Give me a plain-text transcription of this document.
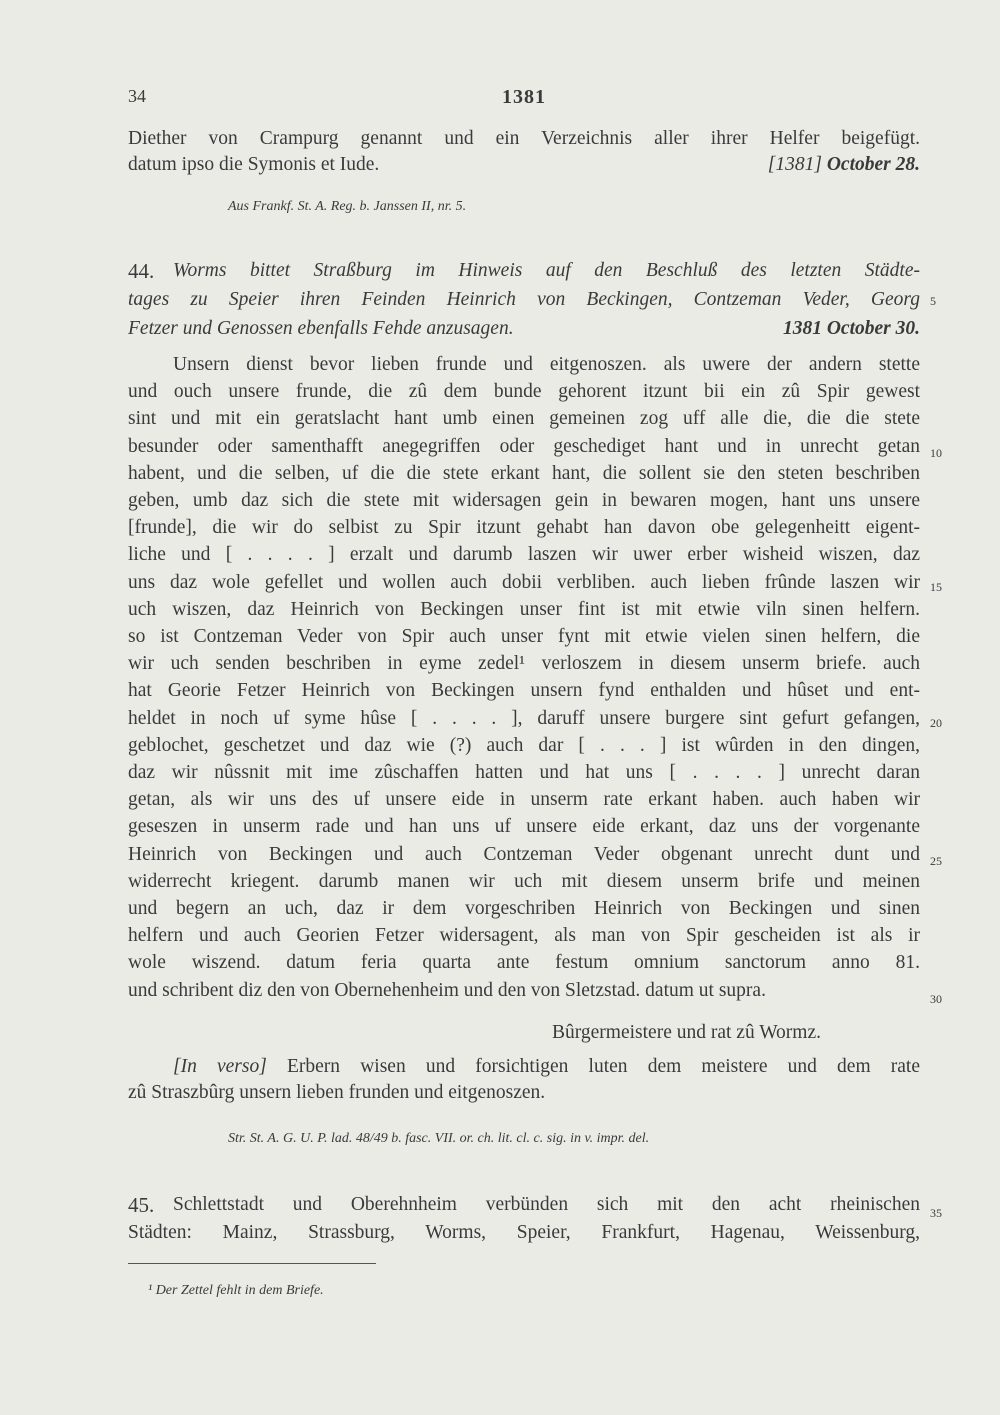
34	1381
Diether von Crampurg genannt und ein Verzeichnis aller ihrer Helfer beigefügt.
datum ipso die Symonis et Iude.	[1381] October 28.
Aus Frankf. St. A. Reg. b. Janssen II, nr. 5.
44. Worms bittet Straßburg im Hinweis auf den Beschluß des letzten Städte-
tages zu Speier ihren Feinden Heinrich von Beckingen, Contzeman Veder, Georg
Fetzer und Genossen ebenfalls Fehde anzusagen.	1381 October 30.
Unsern dienst bevor lieben frunde und eitgenoszen. als uwere der andern stette
und ouch unsere frunde, die zû dem bunde gehorent itzunt bii ein zû Spir gewest
sint und mit ein geratslacht hant umb einen gemeinen zog uff alle die, die die stete
besunder oder samenthafft anegegriffen oder geschediget hant und in unrecht getan
habent, und die selben, uf die die stete erkant hant, die sollent sie den steten beschriben
geben, umb daz sich die stete mit widersagen gein in bewaren mogen, hant uns unsere
[frunde], die wir do selbist zu Spir itzunt gehabt han davon obe gelegenheitt eigent-
liche und [ . . . . ] erzalt und darumb laszen wir uwer erber wisheid wiszen, daz
uns daz wole gefellet und wollen auch dobii verbliben. auch lieben frûnde laszen wir
uch wiszen, daz Heinrich von Beckingen unser fint ist mit etwie viln sinen helfern.
so ist Contzeman Veder von Spir auch unser fynt mit etwie vielen sinen helfern, die
wir uch senden beschriben in eyme zedel¹ verloszem in diesem unserm briefe. auch
hat Georie Fetzer Heinrich von Beckingen unsern fynd enthalden und hûset und ent-
heldet in noch uf syme hûse [ . . . . ], daruff unsere burgere sint gefurt gefangen,
geblochet, geschetzet und daz wie (?) auch dar [ . . . ] ist wûrden in den dingen,
daz wir nûssnit mit ime zûschaffen hatten und hat uns [ . . . . ] unrecht daran
getan, als wir uns des uf unsere eide in unserm rate erkant haben. auch haben wir
geseszen in unserm rade und han uns uf unsere eide erkant, daz uns der vorgenante
Heinrich von Beckingen und auch Contzeman Veder obgenant unrecht dunt und
widerrecht kriegent. darumb manen wir uch mit diesem unserm brife und meinen
und begern an uch, daz ir dem vorgeschriben Heinrich von Beckingen und sinen
helfern und auch Georien Fetzer widersagent, als man von Spir gescheiden ist als ir
wole wiszend. datum feria quarta ante festum omnium sanctorum anno 81.
und schribent diz den von Obernehenheim und den von Sletzstad. datum ut supra.
Bûrgermeistere und rat zû Wormz.
[In verso] Erbern wisen und forsichtigen luten dem meistere und dem rate
zû Straszbûrg unsern lieben frunden und eitgenoszen.
Str. St. A. G. U. P. lad. 48/49 b. fasc. VII. or. ch. lit. cl. c. sig. in v. impr. del.
45. Schlettstadt und Oberehnheim verbünden sich mit den acht rheinischen
Städten: Mainz, Strassburg, Worms, Speier, Frankfurt, Hagenau, Weissenburg,
5
10
15
20
25
30
35
¹ Der Zettel fehlt in dem Briefe.
